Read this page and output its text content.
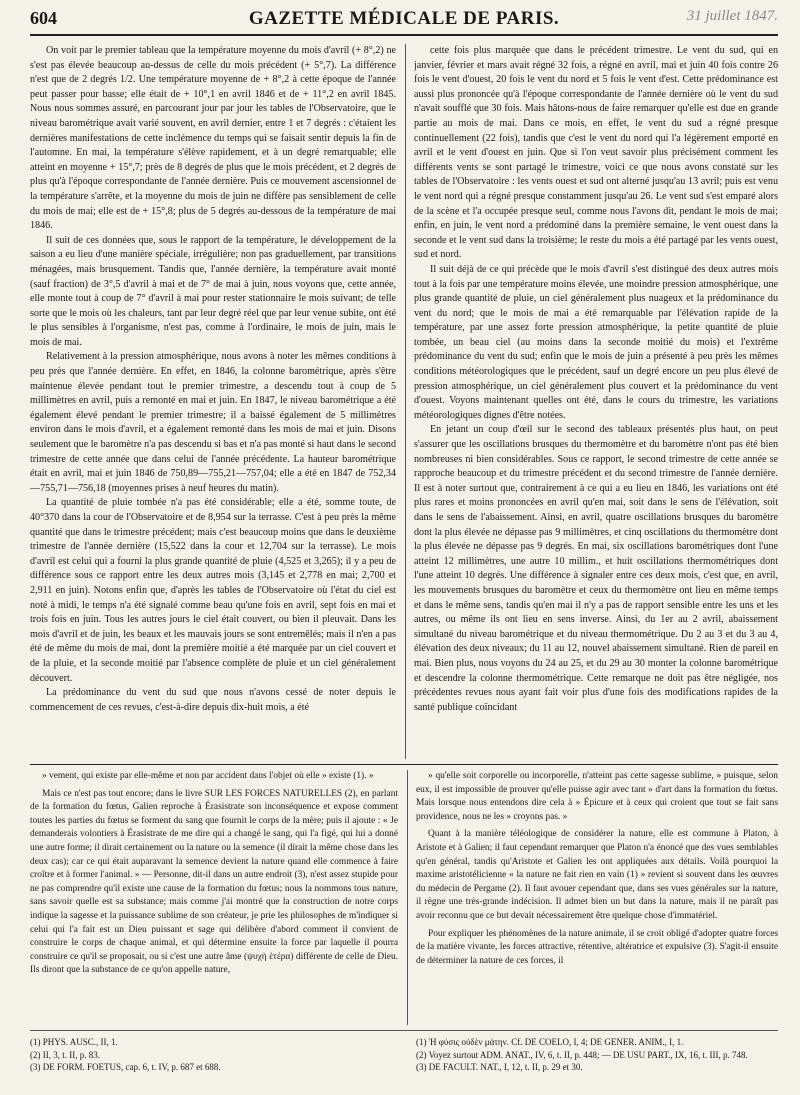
604	GAZETTE MÉDICALE DE PARIS.	31 juillet 1847.

On voit par le premier tableau que la température moyenne du mois d'avril (+ 8°,2) ne s'est pas élevée beaucoup au-dessus de celle du mois précédent (+ 5°,7). La différence n'est que de 2 degrés 1/2. Une température moyenne de + 8°,2 à cette époque de l'année peut passer pour basse; elle était de + 10°,1 en avril 1846 et de + 11°,2 en avril 1845. Nous nous sommes assuré, en parcourant jour par jour les tables de l'Observatoire, que le niveau barométrique avait varié souvent, en avril dernier, entre 1 et 7 degrés : c'étaient les dernières manifestations de cette inclémence du temps qui se faisait sentir depuis la fin de l'automne. En mai, la température s'élève rapidement, et à un degré remarquable; elle atteint en moyenne + 15°,7; près de 8 degrés de plus que le mois précédent, et 2 degrés de plus qu'à l'époque correspondante de l'année dernière. Puis ce mouvement ascensionnel de la température s'arrête, et la moyenne du mois de juin ne diffère pas sensiblement de celle du mois de mai; elle est de + 15°,8; plus de 5 degrés au-dessous de la température de mai 1846.

Il suit de ces données que, sous le rapport de la température, le développement de la saison a eu lieu d'une manière spéciale, irrégulière; non pas graduellement, par transitions ménagées, mais brusquement. Tandis que, l'année dernière, la température avait monté (sauf fraction) de 3°,5 d'avril à mai et de 7° de mai à juin, nous voyons que, cette année, elle monte tout à coup de 7° d'avril à mai pour rester stationnaire le mois suivant; de telle sorte que le mois où les chaleurs, tant par leur degré réel que par leur venue subite, ont été le plus sensibles à l'organisme, n'est pas, comme à l'ordinaire, le mois de juin, mais le mois de mai.

Relativement à la pression atmosphérique, nous avons à noter les mêmes conditions à peu près que l'année dernière. En effet, en 1846, la colonne barométrique, après s'être maintenue élevée pendant tout le premier trimestre, a descendu tout à coup de 5 millimètres en avril, puis a remonté en mai et juin. En 1847, le niveau barométrique a été également élevé pendant le premier trimestre; il a baissé également de 5 millimètres environ dans le mois d'avril, et a également remonté dans les mois de mai et juin. Disons seulement que le baromètre n'a pas descendu si bas et n'a pas monté si haut dans le second trimestre de cette année que dans celui de l'année précédente. La hauteur barométrique était en avril, mai et juin 1846 de 750,89—755,21—757,04; elle a été en 1847 de 752,34—755,71—756,18 (moyennes prises à neuf heures du matin).

La quantité de pluie tombée n'a pas été considérable; elle a été, somme toute, de 40°370 dans la cour de l'Observatoire et de 8,954 sur la terrasse. C'est à peu près la même quantité que dans le trimestre précédent; mais c'est beaucoup moins que dans le deuxième trimestre de l'année dernière (15,522 dans la cour et 12,704 sur la terrasse). Le mois d'avril est celui qui a fourni la plus grande quantité de pluie (4,525 et 3,265); il y a peu de différence sous ce rapport entre les deux autres mois (3,145 et 2,778 en mai; 2,700 et 2,911 en juin). Notons enfin que, d'après les tables de l'Observatoire où l'état du ciel est noté à midi, le temps n'a été signalé comme beau qu'une fois en avril, sept fois en mai et trois fois en juin. Tous les autres jours le ciel était couvert, ou bien il pleuvait. Dans les mois d'avril et de juin, les beaux et les mauvais jours se sont entremêlés; mais il n'en a pas été de même du mois de mai, dont la première moitié a été marquée par un ciel couvert et de la pluie, et la seconde moitié par l'absence complète de pluie et un ciel généralement découvert.

La prédominance du vent du sud que nous n'avons cessé de noter depuis le commencement de ces revues, c'est-à-dire depuis dix-huit mois, a été

cette fois plus marquée que dans le précédent trimestre. Le vent du sud, qui en janvier, février et mars avait régné 32 fois, a régné en avril, mai et juin 40 fois contre 26 fois le vent d'ouest, 20 fois le vent du nord et 5 fois le vent d'est. Cette prédominance est aussi plus prononcée qu'à l'époque correspondante de l'année dernière où le vent du sud n'avait soufflé que 30 fois. Mais hâtons-nous de faire remarquer qu'elle est due en grande partie au mois de mai. Dans ce mois, en effet, le vent du sud a régné presque continuellement (22 fois), tandis que c'est le vent du nord qui l'a légèrement emporté en avril et le vent d'ouest en juin. Que si l'on veut savoir plus précisément comment les différents vents se sont partagé le trimestre, voici ce que nous avons constaté sur les tables de l'Observatoire : les vents ouest et sud ont alterné jusqu'au 13 avril; puis est venu le vent nord qui a régné presque constamment jusqu'au 26. Le vent sud s'est emparé alors de la scène et l'a occupée presque seul, comme nous l'avons dit, pendant le mois de mai; enfin, en juin, le vent nord a prédominé dans la première semaine, le vent ouest dans la seconde et le vent sud dans la troisième; le reste du mois a été partagé par les vents ouest, sud et nord.

Il suit déjà de ce qui précède que le mois d'avril s'est distingué des deux autres mois tout à la fois par une température moins élevée, une moindre pression atmosphérique, une plus grande quantité de pluie, un ciel généralement plus nuageux et la prédominance du vent du nord; que le mois de mai a été remarquable par l'élévation rapide de la température, par une assez forte pression atmosphérique, la petite quantité de pluie tombée, un beau ciel (au moins dans la seconde moitié du mois) et l'extrême prédominance du vent du sud; enfin que le mois de juin a présenté à peu près les mêmes conditions météorologiques que le précédent, sauf un degré encore un peu plus élevé de pression atmosphérique, un ciel généralement plus couvert et la prédominance du vent d'ouest. Voyons maintenant quelles ont été, dans le cours du trimestre, les variations météorologiques dignes d'être notées.

En jetant un coup d'œil sur le second des tableaux présentés plus haut, on peut s'assurer que les oscillations brusques du thermomètre et du baromètre n'ont pas été bien nombreuses ni bien considérables. Sous ce rapport, le second trimestre de cette année se rapproche beaucoup et du trimestre précédent et du second trimestre de l'année dernière. Il est à noter surtout que, contrairement à ce qui a eu lieu en 1846, les variations ont été plus rares et moins prononcées en avril qu'en mai, soit dans le sens de l'élévation, soit dans le sens de l'abaissement. Ainsi, en avril, quatre oscillations brusques du baromètre dont la plus élevée ne dépasse pas 9 millimètres, et cinq oscillations du thermomètre dont la plus élevée ne dépasse pas 9 degrés. En mai, six oscillations barométriques dont l'une atteint 12 millimètres, une autre 10 millim., et huit oscillations thermométriques dont l'une atteint 10 degrés. Une différence à signaler entre ces deux mois, c'est que, en avril, les mouvements brusques du baromètre et ceux du thermomètre ont lieu en même temps et dans le même sens, tandis qu'en mai il n'y a pas de rapport sensible entre les uns et les autres, ou même ils ont lieu en sens inverse. Ainsi, du 1er au 2 avril, abaissement simultané du niveau barométrique et du niveau thermométrique. Du 2 au 3 et du 3 au 4, élévation des deux niveaux; du 11 au 12, nouvel abaissement simultané. Rien de pareil en mai. Bien plus, nous voyons du 24 au 25, et du 29 au 30 monter la colonne barométrique et descendre la colonne thermométrique. Cette remarque ne doit pas être négligée, nos précédentes revues nous ayant fait voir plus d'une fois des modifications rapides de la santé publique coïncidant

» vement, qui existe par elle-même et non par accident dans l'objet où elle » existe (1). »

Mais ce n'est pas tout encore; dans le livre SUR LES FORCES NATURELLES (2), en parlant de la formation du fœtus, Galien reproche à Érasistrate son inconséquence et expose comment toutes les parties du fœtus se forment du sang que fournit le corps de la mère; puis il ajoute : « Je demanderais volontiers à Érasistrate de me dire qui a changé le sang, qui l'a figé, qui lui a donné une autre forme; il dirait certainement ou la nature ou la semence (il dirait la même chose dans les deux cas); car ce qui était auparavant la semence devient la nature quand elle commence à faire croître et à former l'animal. » — Personne, dit-il dans un autre endroit (3), n'est assez stupide pour ne pas comprendre qu'il existe une cause de la formation du fœtus; nous la nommons tous nature, sans savoir quelle est sa substance; mais comme j'ai montré que la construction de notre corps indique la sagesse et la puissance sublime de son créateur, je prie les philosophes de m'indiquer si celui qui l'a fait est un Dieu puissant et sage qui délibère d'abord comment il convient de construire le corps de chaque animal, et qui détermine ensuite la force par laquelle il pourra construire ce qu'il se proposait, ou si c'est une autre âme (ψυχὴ ἑτέρα) différente de celle de Dieu. Ils diront que la substance de ce qu'on appelle nature,

» qu'elle soit corporelle ou incorporelle, n'atteint pas cette sagesse sublime, » puisque, selon eux, il est impossible de prouver qu'elle puisse agir avec tant » d'art dans la formation du fœtus. Mais lorsque nous entendons dire cela à » Épicure et à ceux qui croient que tout se fait sans providence, nous ne les » croyons pas. »

Quant à la manière téléologique de considérer la nature, elle est commune à Platon, à Aristote et à Galien; il faut cependant remarquer que Platon n'a énoncé que des vues semblables qu'en général, tandis qu'Aristote et Galien les ont appliquées aux détails. Voilà pourquoi la maxime aristotélicienne « la nature ne fait rien en vain (1) » revient si souvent dans les œuvres du médecin de Pergame (2). Il faut avouer cependant que, dans ses vues générales sur la nature, il règne une très-grande indécision. Il admet bien un but dans la nature, mais il ne paraît pas avoir reconnu que ce but devait nécessairement être quelque chose d'immatériel.

Pour expliquer les phénomènes de la nature animale, il se croit obligé d'adopter quatre forces de la matière vivante, les forces attractive, rétentive, altératrice et expulsive (3). S'agit-il ensuite de déterminer la nature de ces forces, il

(1) PHYS. AUSC., II, 1.
(2) II, 3, t. II, p. 83.
(3) DE FORM. FOETUS, cap. 6, t. IV, p. 687 et 688.
(1) Ἡ φύσις οὐδὲν μάτην. Cf. DE COELO, I, 4; DE GENER. ANIM., I, 1.
(2) Voyez surtout ADM. ANAT., IV, 6, t. II, p. 448; — DE USU PART., IX, 16, t. III, p. 748.
(3) DE FACULT. NAT., I, 12, t. II, p. 29 et 30.
